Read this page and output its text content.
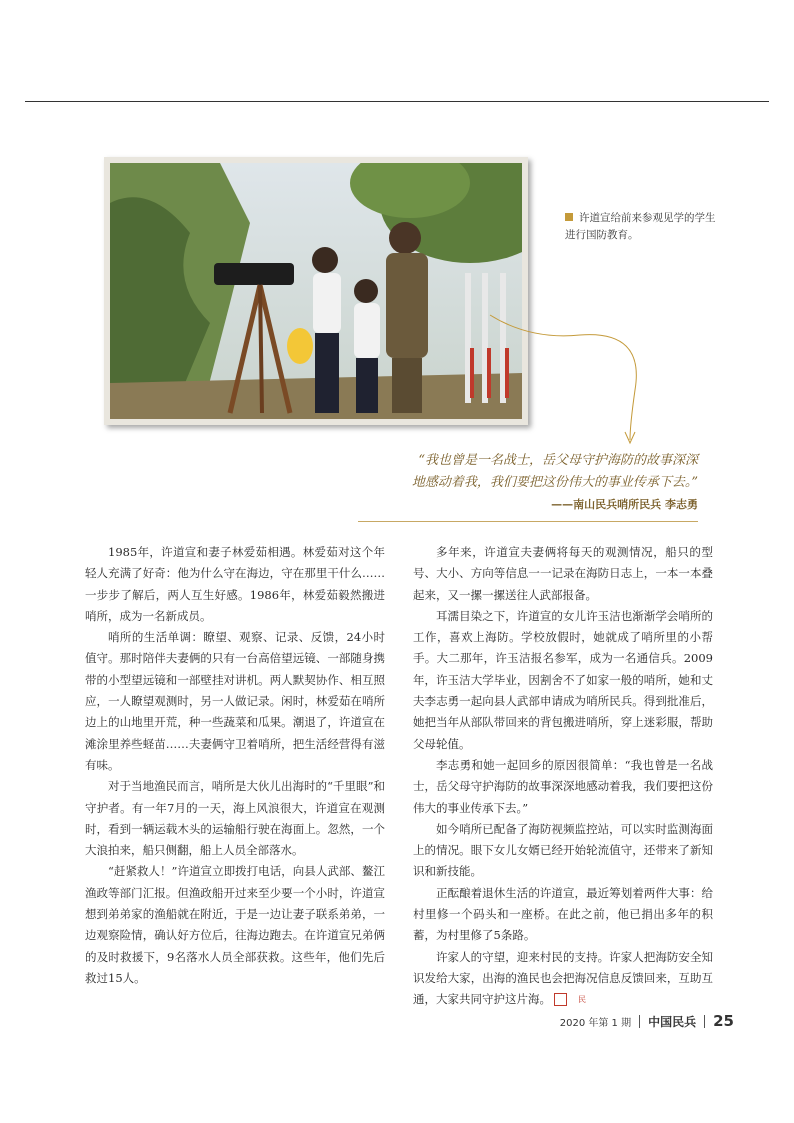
许道宣给前来参观见学的学生进行国防教育。
“我也曾是一名战士，岳父母守护海防的故事深深
地感动着我，我们要把这份伟大的事业传承下去。”
——南山民兵哨所民兵 李志勇

1985年，许道宣和妻子林爱茹相遇。林爱茹对这个年轻人充满了好奇：他为什么守在海边，守在那里干什么……一步步了解后，两人互生好感。1986年，林爱茹毅然搬进哨所，成为一名新成员。

哨所的生活单调：瞭望、观察、记录、反馈，24小时值守。那时陪伴夫妻俩的只有一台高倍望远镜、一部随身携带的小型望远镜和一部壁挂对讲机。两人默契协作、相互照应，一人瞭望观测时，另一人做记录。闲时，林爱茹在哨所边上的山地里开荒，种一些蔬菜和瓜果。潮退了，许道宣在滩涂里养些蛏苗……夫妻俩守卫着哨所，把生活经营得有滋有味。

对于当地渔民而言，哨所是大伙儿出海时的“千里眼”和守护者。有一年7月的一天，海上风浪很大，许道宣在观测时，看到一辆运载木头的运输船行驶在海面上。忽然，一个大浪拍来，船只侧翻，船上人员全部落水。

“赶紧救人！”许道宣立即拨打电话，向县人武部、鳌江渔政等部门汇报。但渔政船开过来至少要一个小时，许道宣想到弟弟家的渔船就在附近，于是一边让妻子联系弟弟，一边观察险情，确认好方位后，往海边跑去。在许道宣兄弟俩的及时救援下，9名落水人员全部获救。这些年，他们先后救过15人。

多年来，许道宣夫妻俩将每天的观测情况，船只的型号、大小、方向等信息一一记录在海防日志上，一本一本叠起来，又一摞一摞送往人武部报备。

耳濡目染之下，许道宣的女儿许玉洁也渐渐学会哨所的工作，喜欢上海防。学校放假时，她就成了哨所里的小帮手。大二那年，许玉洁报名参军，成为一名通信兵。2009年，许玉洁大学毕业，因割舍不了如家一般的哨所，她和丈夫李志勇一起向县人武部申请成为哨所民兵。得到批准后，她把当年从部队带回来的背包搬进哨所，穿上迷彩服，帮助父母轮值。

李志勇和她一起回乡的原因很简单：“我也曾是一名战士，岳父母守护海防的故事深深地感动着我，我们要把这份伟大的事业传承下去。”

如今哨所已配备了海防视频监控站，可以实时监测海面上的情况。眼下女儿女婿已经开始轮流值守，还带来了新知识和新技能。

正酝酿着退休生活的许道宣，最近筹划着两件大事：给村里修一个码头和一座桥。在此之前，他已捐出多年的积蓄，为村里修了5条路。

许家人的守望，迎来村民的支持。许家人把海防安全知识发给大家，出海的渔民也会把海况信息反馈回来，互助互通，大家共同守护这片海。	民

2020 年第 1 期 中国民兵 25
